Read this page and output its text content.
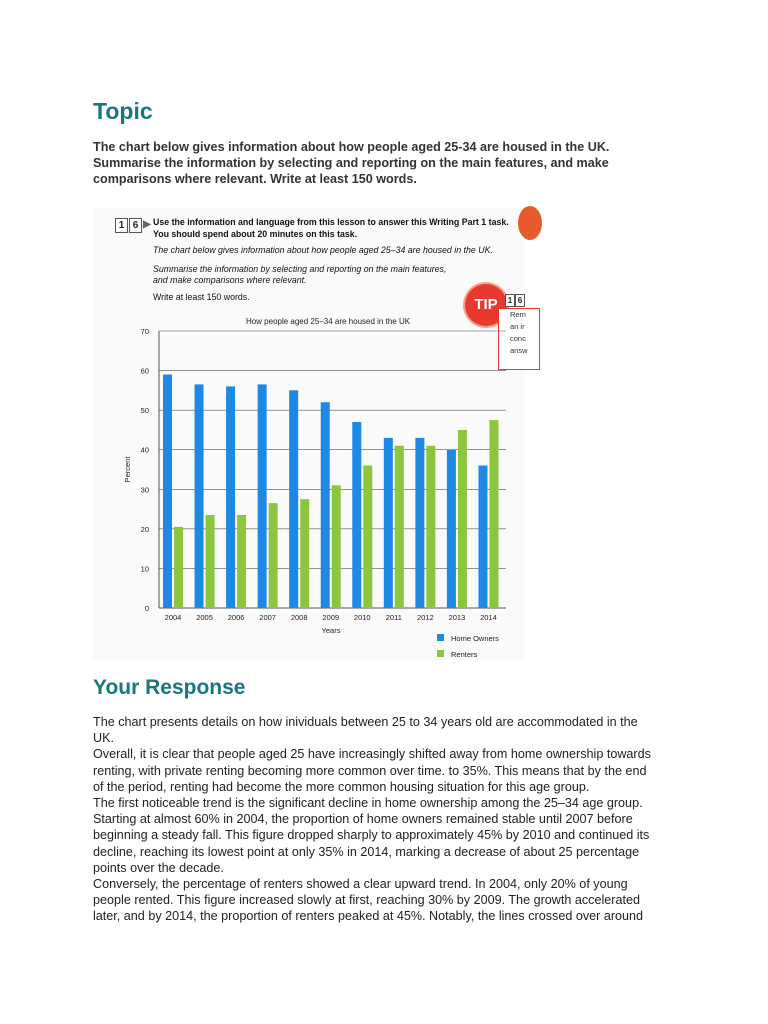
Topic

The chart below gives information about how people aged 25-34 are housed in the UK.

Summarise the information by selecting and reporting on the main features, and make

comparisons where relevant. Write at least 150 words.

1 6 ▶ Use the information and language from this lesson to answer this Writing Part 1 task.

You should spend about 20 minutes on this task.

The chart below gives information about how people aged 25–34 are housed in the UK.

Summarise the information by selecting and reporting on the main features,

and make comparisons where relevant.

Write at least 150 words.	TIP	1 6
Rem
an ir
conc
answ
How people aged 25–34 are housed in the UK
0
10
20
30
40
50
60
70
Percent
2004 2005 2006 2007 2008 2009 2010 2011 2012 2013 2014
Years
Home Owners
Renters
Your Response

The chart presents details on how inividuals between 25 to 34 years old are accommodated in the

UK.

Overall, it is clear that people aged 25 have increasingly shifted away from home ownership towards

renting, with private renting becoming more common over time. to 35%. This means that by the end

of the period, renting had become the more common housing situation for this age group.

The first noticeable trend is the significant decline in home ownership among the 25–34 age group.

Starting at almost 60% in 2004, the proportion of home owners remained stable until 2007 before

beginning a steady fall. This figure dropped sharply to approximately 45% by 2010 and continued its

decline, reaching its lowest point at only 35% in 2014, marking a decrease of about 25 percentage

points over the decade.

Conversely, the percentage of renters showed a clear upward trend. In 2004, only 20% of young

people rented. This figure increased slowly at first, reaching 30% by 2009. The growth accelerated

later, and by 2014, the proportion of renters peaked at 45%. Notably, the lines crossed over around
